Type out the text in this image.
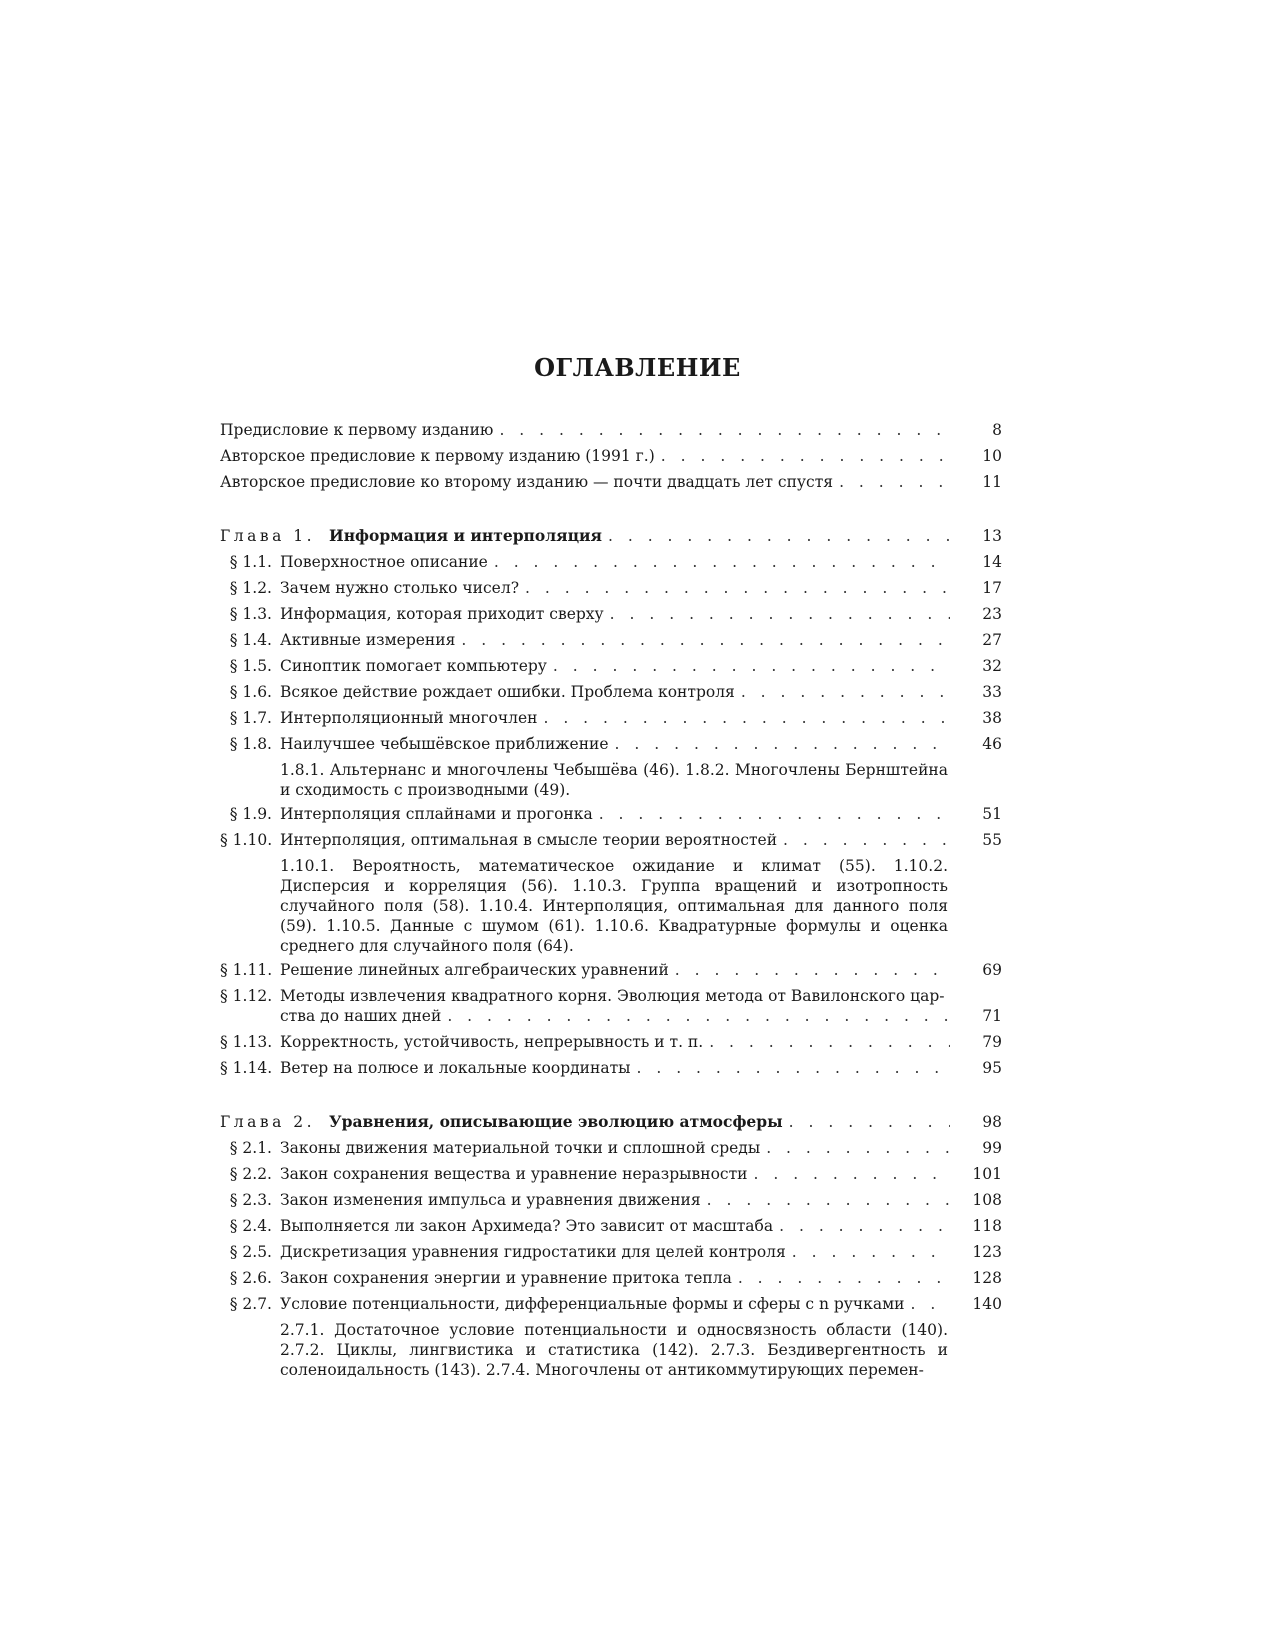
ОГЛАВЛЕНИЕ
Предисловие к первому изданию . . .	8
Авторское предисловие к первому изданию (1991 г.) . . .	10
Авторское предисловие ко второму изданию — почти двадцать лет спустя . . .	11
Глава 1. Информация и интерполяция . . .	13
§ 1.1. Поверхностное описание . . .	14
§ 1.2. Зачем нужно столько чисел? . . .	17
§ 1.3. Информация, которая приходит сверху . . .	23
§ 1.4. Активные измерения . . .	27
§ 1.5. Синоптик помогает компьютеру . . .	32
§ 1.6. Всякое действие рождает ошибки. Проблема контроля . . .	33
§ 1.7. Интерполяционный многочлен . . .	38
§ 1.8. Наилучшее чебышёвское приближение . . .	46
1.8.1. Альтернанс и многочлены Чебышёва (46). 1.8.2. Многочлены Бернштейна и сходимость с производными (49).
§ 1.9. Интерполяция сплайнами и прогонка . . .	51
§ 1.10. Интерполяция, оптимальная в смысле теории вероятностей . . .	55
1.10.1. Вероятность, математическое ожидание и климат (55). 1.10.2. Дисперсия и корреляция (56). 1.10.3. Группа вращений и изотропность случайного поля (58). 1.10.4. Интерполяция, оптимальная для данного поля (59). 1.10.5. Данные с шумом (61). 1.10.6. Квадратурные формулы и оценка среднего для случайного поля (64).
§ 1.11. Решение линейных алгебраических уравнений . . .	69
§ 1.12. Методы извлечения квадратного корня. Эволюция метода от Вавилонского цар-
ства до наших дней . . .	71
§ 1.13. Корректность, устойчивость, непрерывность и т. п. . . .	79
§ 1.14. Ветер на полюсе и локальные координаты . . .	95
Глава 2. Уравнения, описывающие эволюцию атмосферы . . .	98
§ 2.1. Законы движения материальной точки и сплошной среды . . .	99
§ 2.2. Закон сохранения вещества и уравнение неразрывности . . .	101
§ 2.3. Закон изменения импульса и уравнения движения . . .	108
§ 2.4. Выполняется ли закон Архимеда? Это зависит от масштаба . . .	118
§ 2.5. Дискретизация уравнения гидростатики для целей контроля . . .	123
§ 2.6. Закон сохранения энергии и уравнение притока тепла . . .	128
§ 2.7. Условие потенциальности, дифференциальные формы и сферы с n ручками . . .	140
2.7.1. Достаточное условие потенциальности и односвязность области (140). 2.7.2. Циклы, лингвистика и статистика (142). 2.7.3. Бездивергентность и соленоидальность (143). 2.7.4. Многочлены от антикоммутирующих перемен-
